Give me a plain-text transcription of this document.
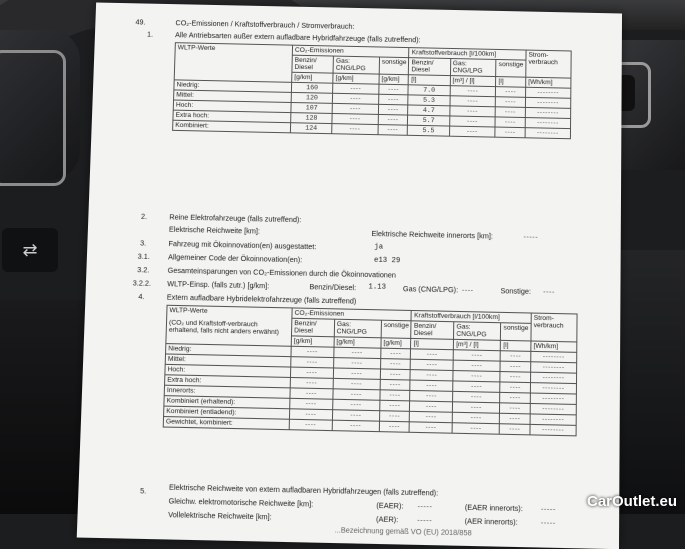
⇄
49.	CO₂-Emissionen / Kraftstoffverbrauch / Stromverbrauch:
1.	Alle Antriebsarten außer extern aufladbare Hybridfahrzeuge (falls zutreffend):
WLTP-Werte	CO₂-Emissionen			Kraftstoffverbrauch [l/100km]			Strom-verbrauch
	Benzin/ Diesel	Gas: CNG/LPG	sonstige	Benzin/ Diesel	Gas: CNG/LPG	sonstige	
	[g/km]	[g/km]	[g/km]	[l]	[m³] / [l]	[l]	[Wh/km]
Niedrig:	160	----	----	7.0	----	----	--------
Mittel:	120	----	----	5.3	----	----	--------
Hoch:	107	----	----	4.7	----	----	--------
Extra hoch:	128	----	----	5.7	----	----	--------
Kombiniert:	124	----	----	5.5	----	----	--------
2.	Reine Elektrofahrzeuge (falls zutreffend):
Elektrische Reichweite [km]:	Elektrische Reichweite innerorts [km]:	-----
3.	Fahrzeug mit Ökoinnovation(en) ausgestattet:	ja
3.1. Allgemeiner Code der Ökoinnovation(en):	e13 29
3.2. Gesamteinsparungen von CO₂-Emissionen durch die Ökoinnovationen
3.2.2. WLTP-Einsp. (falls zutr.) [g/km]:	Benzin/Diesel: 1.13 Gas (CNG/LPG): ----	Sonstige: ----
4.	Extern aufladbare Hybridelektrofahrzeuge (falls zutreffend)
WLTP-Werte
(CO₂ und Kraftstoff-verbrauch erhaltend, falls nicht anders erwähnt)	CO₂-Emissionen			Kraftstoffverbrauch [l/100km]			Strom-verbrauch
	Benzin/ Diesel	Gas: CNG/LPG	sonstige	Benzin/ Diesel	Gas: CNG/LPG	sonstige	
	[g/km]	[g/km]	[g/km]	[l]	[m³] / [l]	[l]	[Wh/km]
Niedrig:	----	----	----	----	----	----	--------
Mittel:	----	----	----	----	----	----	--------
Hoch:	----	----	----	----	----	----	--------
Extra hoch:	----	----	----	----	----	----	--------
Innerorts:	----	----	----	----	----	----	--------
Kombiniert (erhaltend):	----	----	----	----	----	----	--------
Kombiniert (entladend):	----	----	----	----	----	----	--------
Gewichtet, kombiniert:	----	----	----	----	----	----	--------
5.	Elektrische Reichweite von extern aufladbaren Hybridfahrzeugen (falls zutreffend):
Gleichw. elektromotorische Reichweite [km]:	(EAER): -----	(EAER innerorts):	-----
Vollelektrische Reichweite [km]:	(AER):	-----	(AER innerorts):	-----
...Bezeichnung gemäß VO (EU) 2018/858
CarOutlet.eu
